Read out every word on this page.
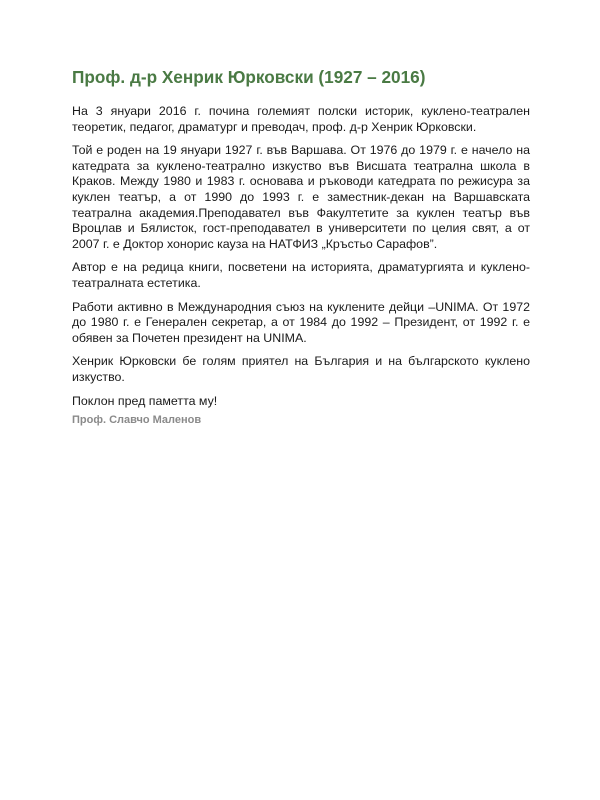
Проф. д-р Хенрик Юрковски (1927 – 2016)

На 3 януари 2016 г. почина големият полски историк, кукленo-театрален теоретик, педагог, драматург и преводач, проф. д-р Хенрик Юрковски.

Той е роден на 19 януари 1927 г. във Варшава. От 1976 до 1979 г. е начело на катедрата за куклено-театрално изкуство във Висшата театрална школа в Краков. Между 1980 и 1983 г. основава и ръководи катедрата по режисура за куклен театър, а от 1990 до 1993 г. е заместник-декан на Варшавската театрална академия.Преподавател във Факултетите за куклен театър във Вроцлав и Бялисток, гост-преподавател в университети по целия свят, а от 2007 г. е Доктор хонорис кауза на НАТФИЗ „Кръстьо Сарафов”.

Автор е на редица книги, посветени на историята, драматургията и куклено-театралната естетика.

Работи активно в Международния съюз на куклените дейци –UNIMA. От 1972 до 1980 г. е Генерален секретар, а от 1984 до 1992 – Президент, от 1992 г. е обявен за Почетен президент на UNIMA.

Хенрик Юрковски бе голям приятел на България и на българското куклено изкуство.

Поклон пред паметта му!

Проф. Славчо Маленов
